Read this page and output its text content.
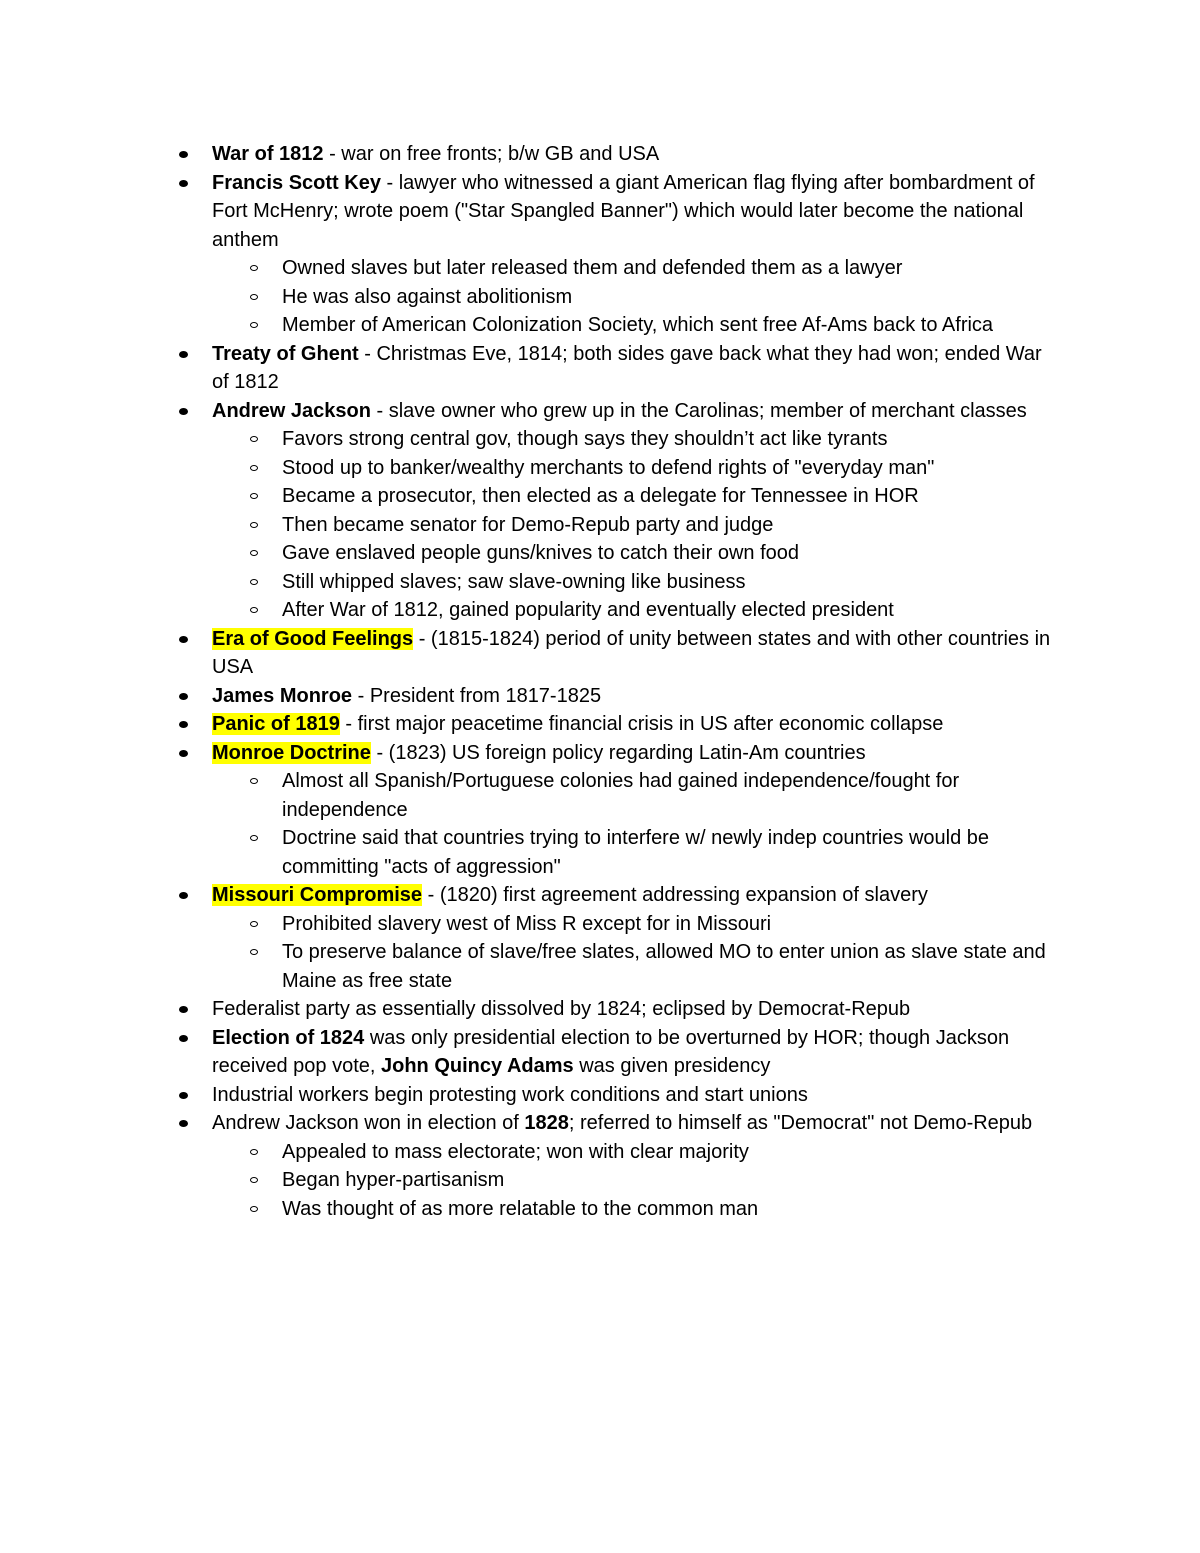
War of 1812 - war on free fronts; b/w GB and USA
Francis Scott Key - lawyer who witnessed a giant American flag flying after bombardment of Fort McHenry; wrote poem ("Star Spangled Banner") which would later become the national anthem
Owned slaves but later released them and defended them as a lawyer
He was also against abolitionism
Member of American Colonization Society, which sent free Af-Ams back to Africa
Treaty of Ghent - Christmas Eve, 1814; both sides gave back what they had won; ended War of 1812
Andrew Jackson - slave owner who grew up in the Carolinas; member of merchant classes
Favors strong central gov, though says they shouldn’t act like tyrants
Stood up to banker/wealthy merchants to defend rights of "everyday man"
Became a prosecutor, then elected as a delegate for Tennessee in HOR
Then became senator for Demo-Repub party and judge
Gave enslaved people guns/knives to catch their own food
Still whipped slaves; saw slave-owning like business
After War of 1812, gained popularity and eventually elected president
Era of Good Feelings - (1815-1824) period of unity between states and with other countries in USA
James Monroe - President from 1817-1825
Panic of 1819 - first major peacetime financial crisis in US after economic collapse
Monroe Doctrine - (1823) US foreign policy regarding Latin-Am countries
Almost all Spanish/Portuguese colonies had gained independence/fought for independence
Doctrine said that countries trying to interfere w/ newly indep countries would be committing "acts of aggression"
Missouri Compromise - (1820) first agreement addressing expansion of slavery
Prohibited slavery west of Miss R except for in Missouri
To preserve balance of slave/free slates, allowed MO to enter union as slave state and Maine as free state
Federalist party as essentially dissolved by 1824; eclipsed by Democrat-Repub
Election of 1824 was only presidential election to be overturned by HOR; though Jackson received pop vote, John Quincy Adams was given presidency
Industrial workers begin protesting work conditions and start unions
Andrew Jackson won in election of 1828; referred to himself as "Democrat" not Demo-Repub
Appealed to mass electorate; won with clear majority
Began hyper-partisanism
Was thought of as more relatable to the common man
